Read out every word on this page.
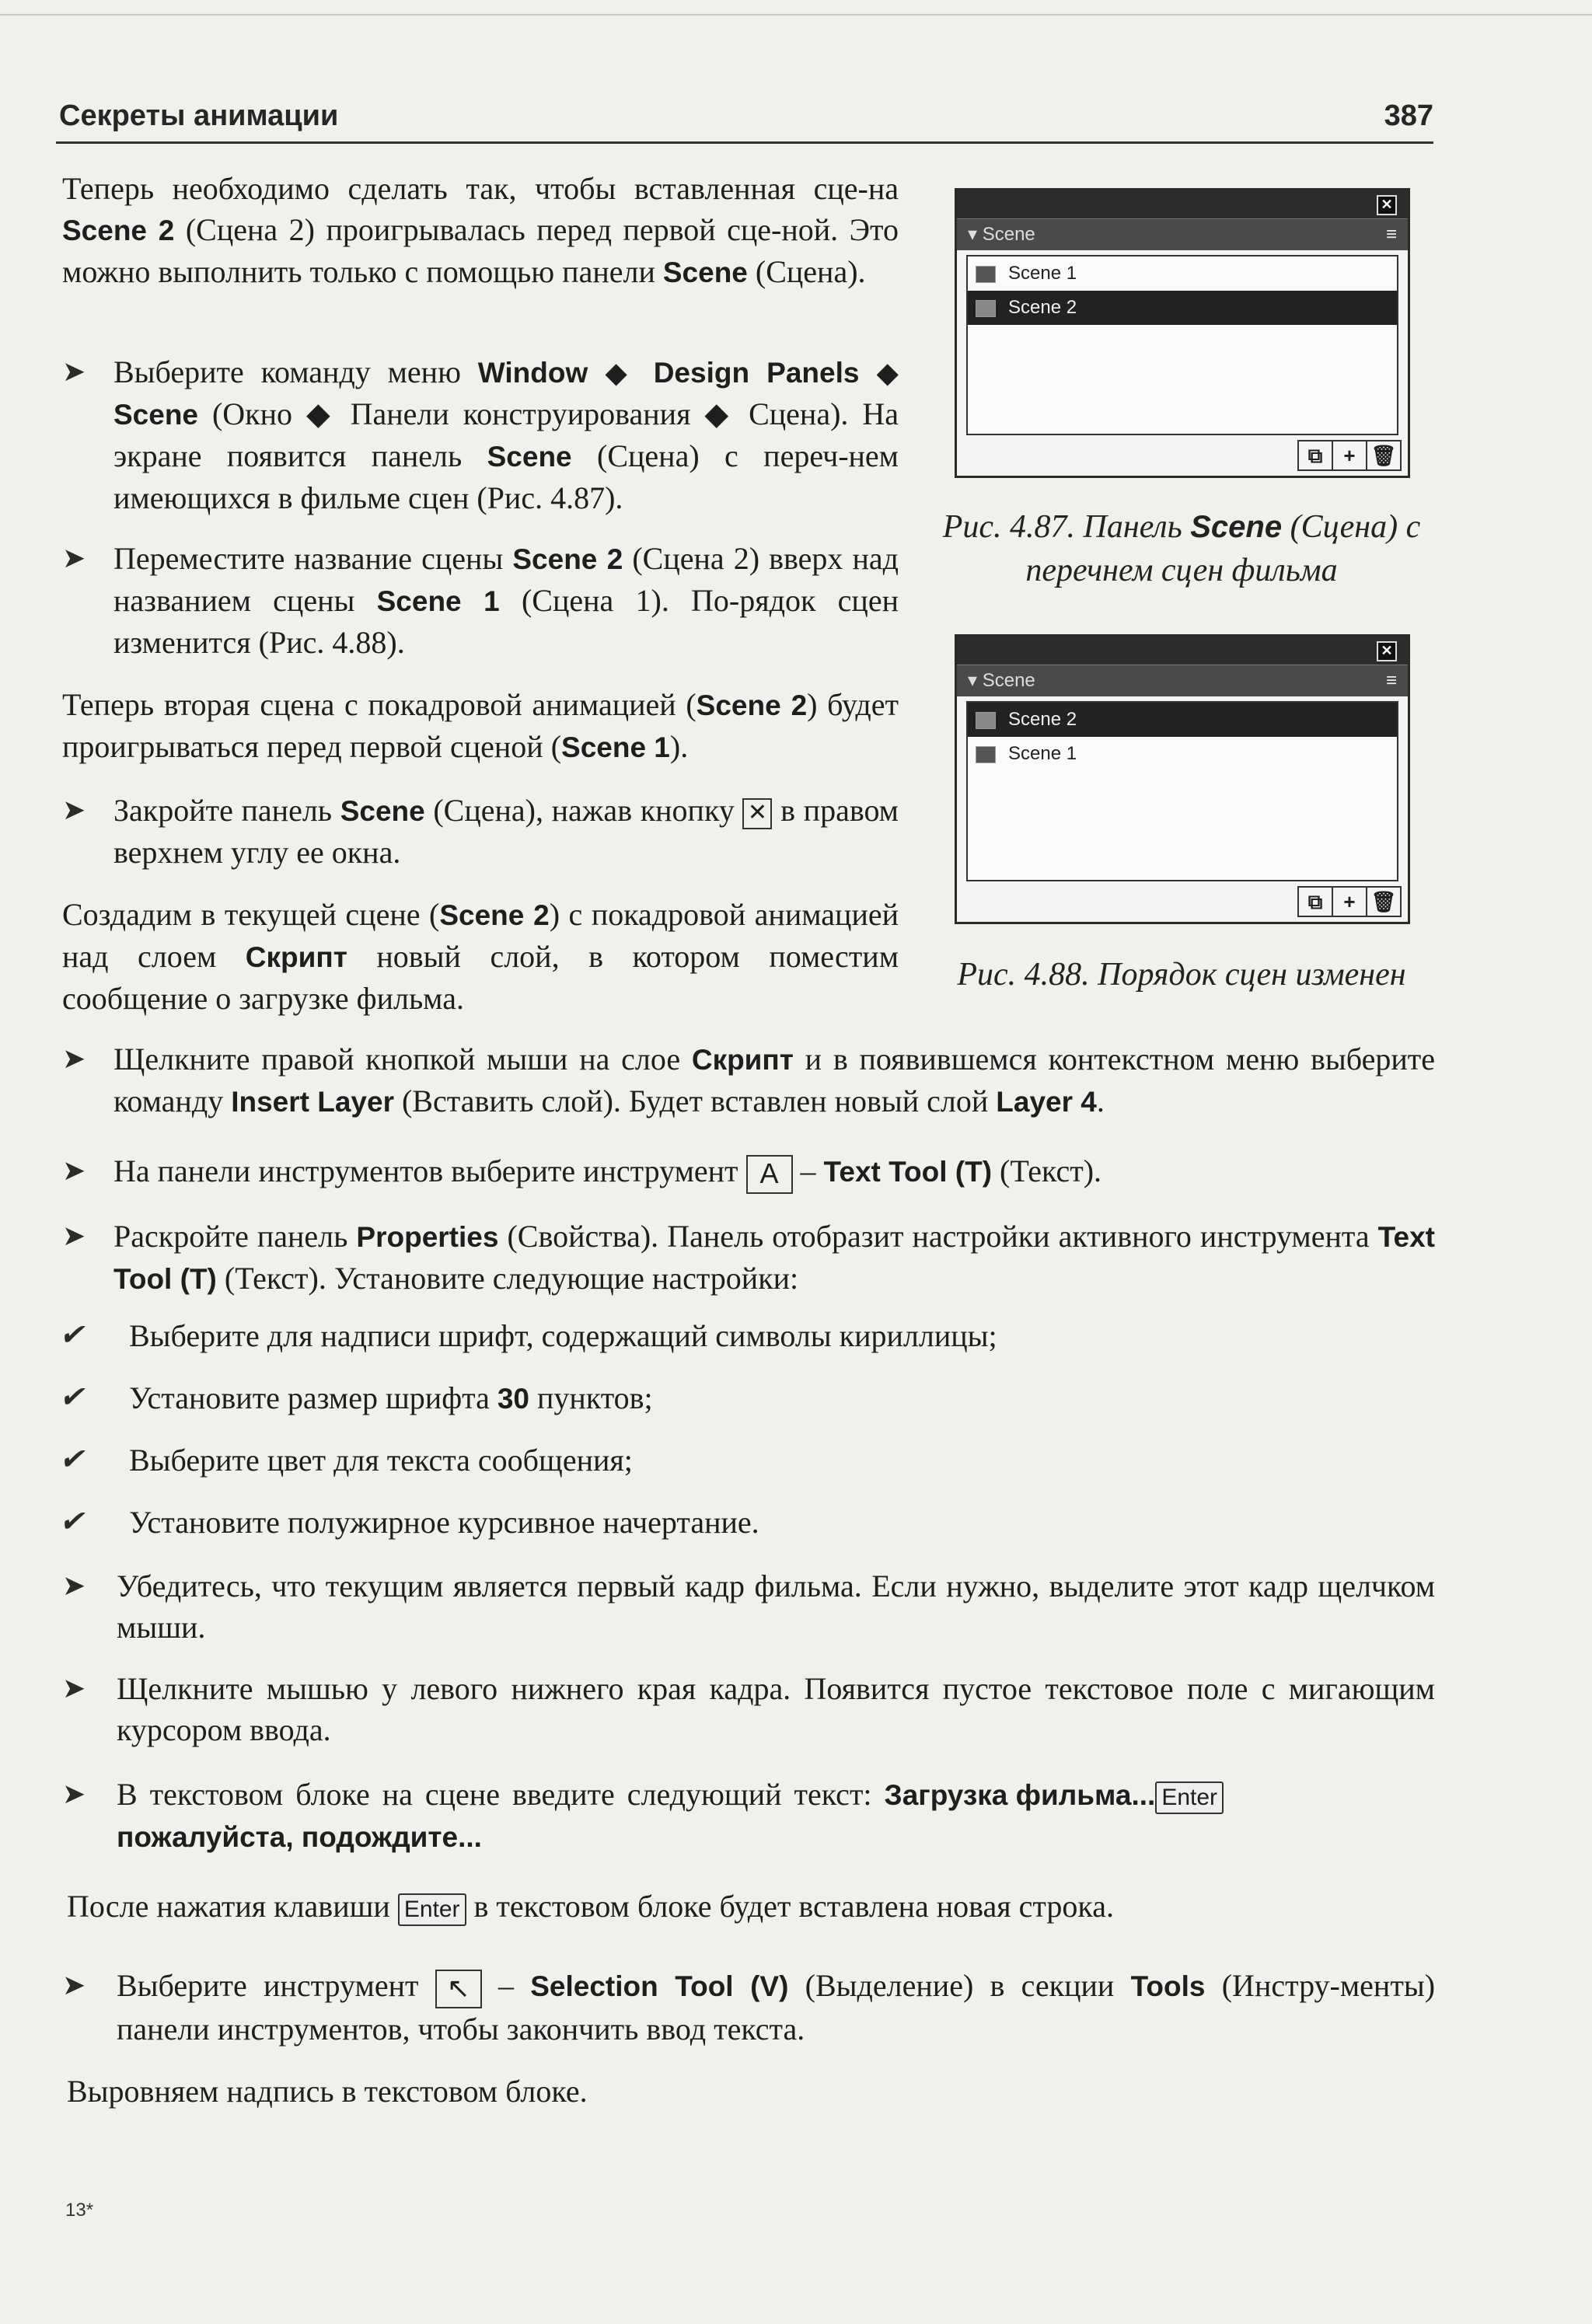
Секреты анимации	387
Теперь необходимо сделать так, чтобы вставленная сце-на Scene 2 (Сцена 2) проигрывалась перед первой сце-ной. Это можно выполнить только с помощью панели Scene (Сцена).
➤ Выберите команду меню Window ◆ Design Panels ◆ Scene (Окно ◆ Панели конструирования ◆ Сцена). На экране появится панель Scene (Сцена) с переч-нем имеющихся в фильме сцен (Рис. 4.87).
➤ Переместите название сцены Scene 2 (Сцена 2) вверх над названием сцены Scene 1 (Сцена 1). По-рядок сцен изменится (Рис. 4.88).
Теперь вторая сцена с покадровой анимацией (Scene 2) будет проигрываться перед первой сценой (Scene 1).
➤ Закройте панель Scene (Сцена), нажав кнопку ✕ в правом верхнем углу ее окна.
Создадим в текущей сцене (Scene 2) с покадровой анимацией над слоем Скрипт новый слой, в котором поместим сообщение о загрузке фильма.
✕
▾ Scene	≡
Scene 1
Scene 2
⧉	+ 🗑
Рис. 4.87. Панель Scene (Сцена) с перечнем сцен фильма
✕
▾ Scene	≡
Scene 2
Scene 1
⧉	+ 🗑
Рис. 4.88. Порядок сцен изменен
➤ Щелкните правой кнопкой мыши на слое Скрипт и в появившемся контекстном меню выберите команду Insert Layer (Вставить слой). Будет вставлен новый слой Layer 4.
➤ На панели инструментов выберите инструмент A – Text Tool (T) (Текст).
➤ Раскройте панель Properties (Свойства). Панель отобразит настройки активного инструмента Text Tool (T) (Текст). Установите следующие настройки:
✔ Выберите для надписи шрифт, содержащий символы кириллицы;
✔ Установите размер шрифта 30 пунктов;
✔ Выберите цвет для текста сообщения;
✔ Установите полужирное курсивное начертание.
➤ Убедитесь, что текущим является первый кадр фильма. Если нужно, выделите этот кадр щелчком мыши.
➤ Щелкните мышью у левого нижнего края кадра. Появится пустое текстовое поле с мигающим курсором ввода.
➤ В текстовом блоке на сцене введите следующий текст: Загрузка фильма... Enter
пожалуйста, подождите...
После нажатия клавиши Enter в текстовом блоке будет вставлена новая строка.
➤ Выберите инструмент ↖ – Selection Tool (V) (Выделение) в секции Tools (Инстру-менты) панели инструментов, чтобы закончить ввод текста.
Выровняем надпись в текстовом блоке.
13*
